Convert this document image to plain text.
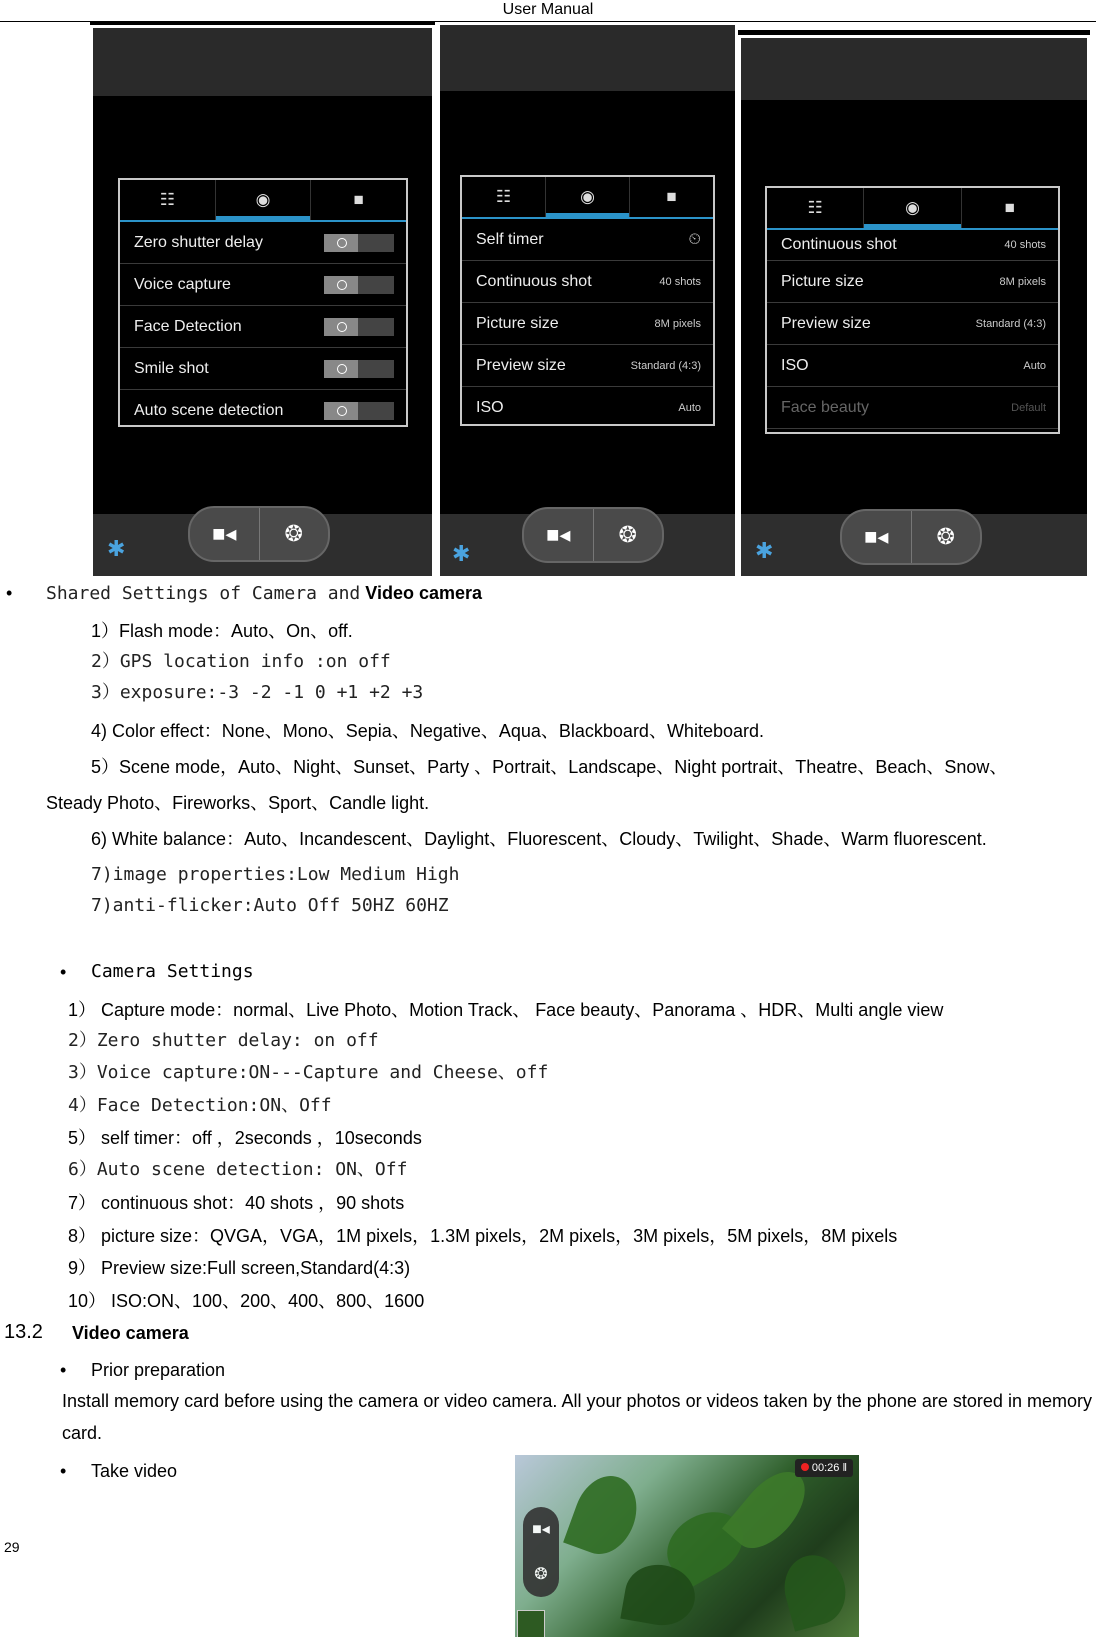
User Manual
☷	◉	■
Zero shutter delay
Voice capture
Face Detection
Smile shot
Auto scene detection
■◂	❂
✱
☷	◉	■
Self timer	⏲
Continuous shot	40 shots
Picture size	8M pixels
Preview size	Standard (4:3)
ISO	Auto
■◂	❂
✱
☷	◉	■
Continuous shot	40 shots
Picture size	8M pixels
Preview size	Standard (4:3)
ISO	Auto
Face beauty	Default
■◂	❂
✱
• Shared Settings of Camera and Video camera
1）Flash mode：Auto、On、off.
2）GPS location info :on off
3）exposure:-3 -2 -1 0 +1 +2 +3
4) Color effect：None、Mono、Sepia、Negative、Aqua、Blackboard、Whiteboard.
5）Scene mode，Auto、Night、Sunset、Party 、Portrait、Landscape、Night portrait、Theatre、Beach、Snow、
Steady Photo、Fireworks、Sport、Candle light.
6) White balance：Auto、Incandescent、Daylight、Fluorescent、Cloudy、Twilight、Shade、Warm fluorescent.
7)image properties:Low Medium High
7)anti-flicker:Auto Off 50HZ 60HZ
• Camera Settings
1） Capture mode：normal、Live Photo、Motion Track、 Face beauty、Panorama 、HDR、Multi angle view
2）Zero shutter delay: on off
3）Voice capture:ON---Capture and Cheese、off
4）Face Detection:ON、Off
5） self timer：off ，2seconds ，10seconds
6）Auto scene detection: ON、Off
7） continuous shot：40 shots ，90 shots
8） picture size：QVGA，VGA，1M pixels，1.3M pixels，2M pixels，3M pixels，5M pixels，8M pixels
9） Preview size:Full screen,Standard(4:3)
10） ISO:ON、100、200、400、800、1600
13.2 Video camera
• Prior preparation
Install memory card before using the camera or video camera. All your photos or videos taken by the phone are stored in memory card.
• Take video	00:26 ‖
■◂
❂
29
